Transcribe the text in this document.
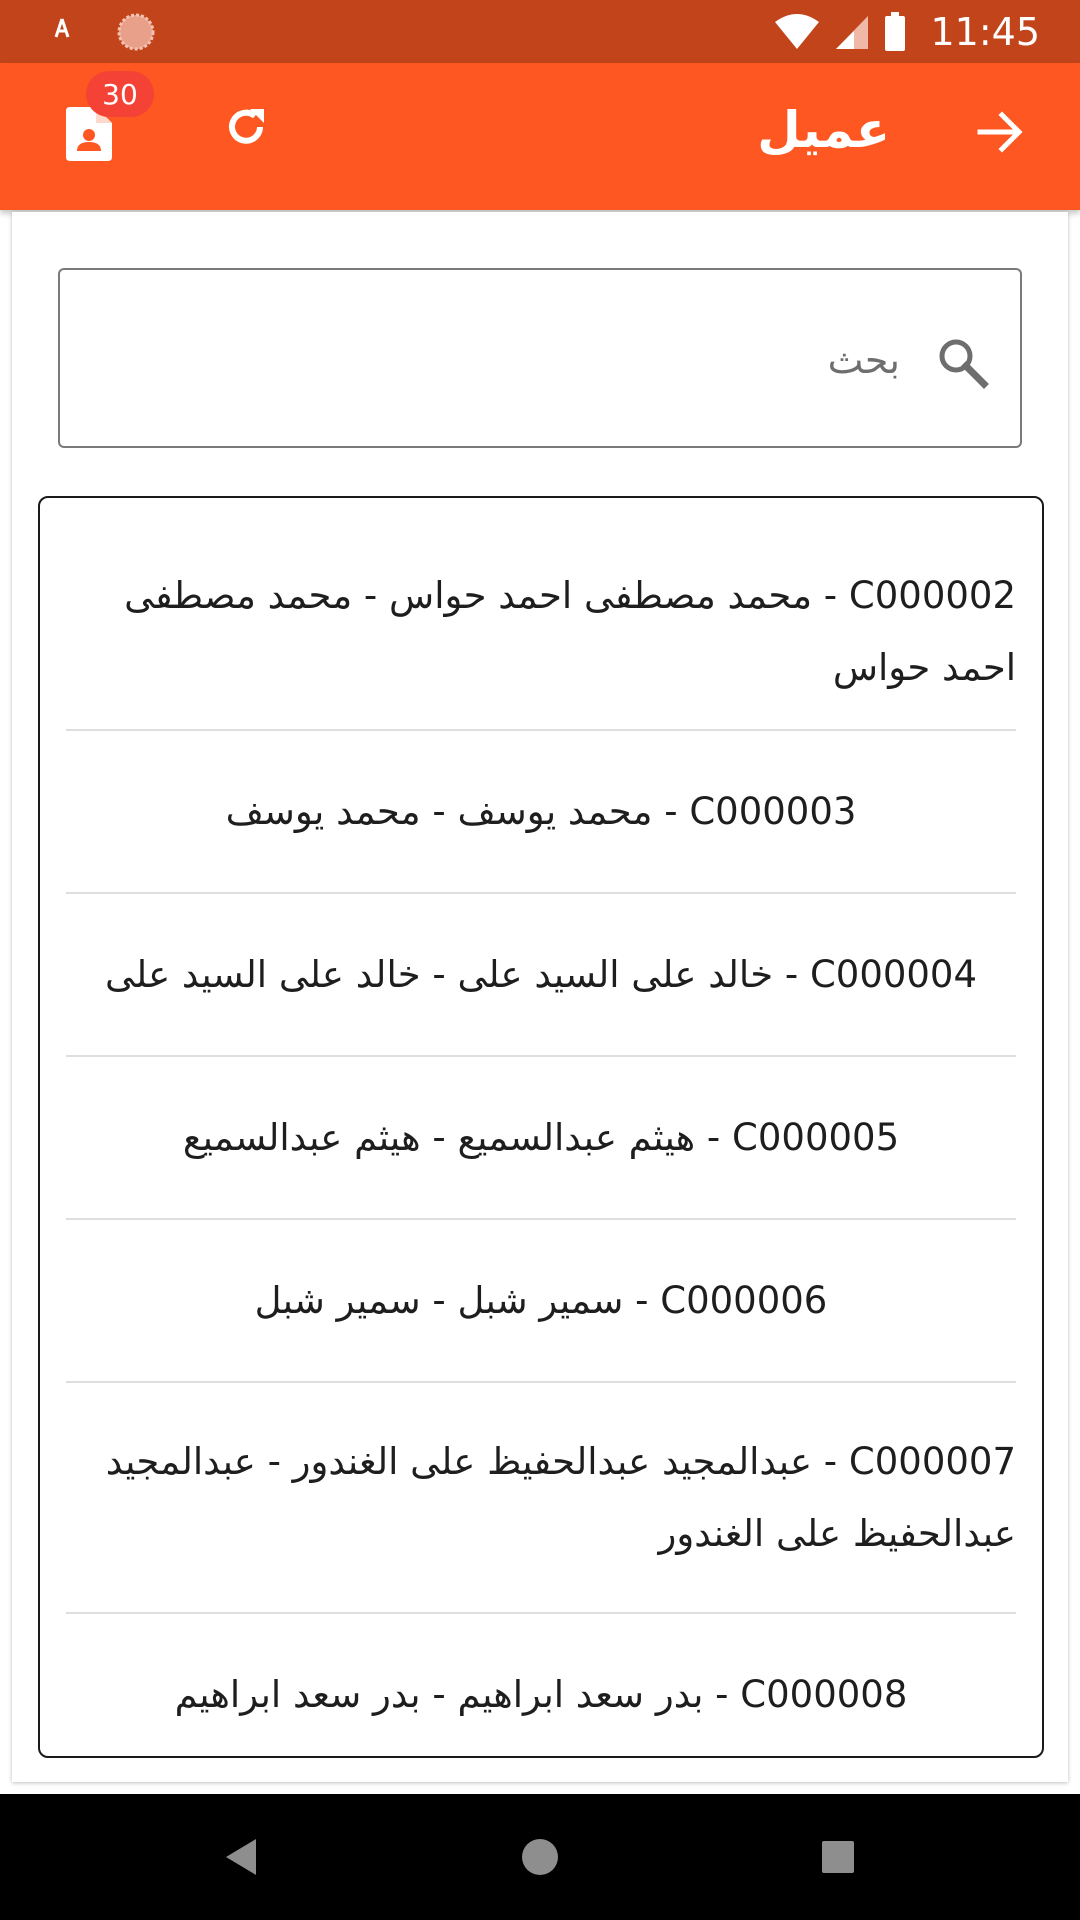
11:45
30
عميل
بحث
C000002 - محمد مصطفى احمد حواس - محمد مصطفى احمد حواس
C000003 - محمد يوسف - محمد يوسف
C000004 - خالد على السيد على - خالد على السيد على
C000005 - هيثم عبدالسميع - هيثم عبدالسميع
C000006 - سمير شبل - سمير شبل
C000007 - عبدالمجيد عبدالحفيظ على الغندور - عبدالمجيد عبدالحفيظ على الغندور
C000008 - بدر سعد ابراهيم - بدر سعد ابراهيم
